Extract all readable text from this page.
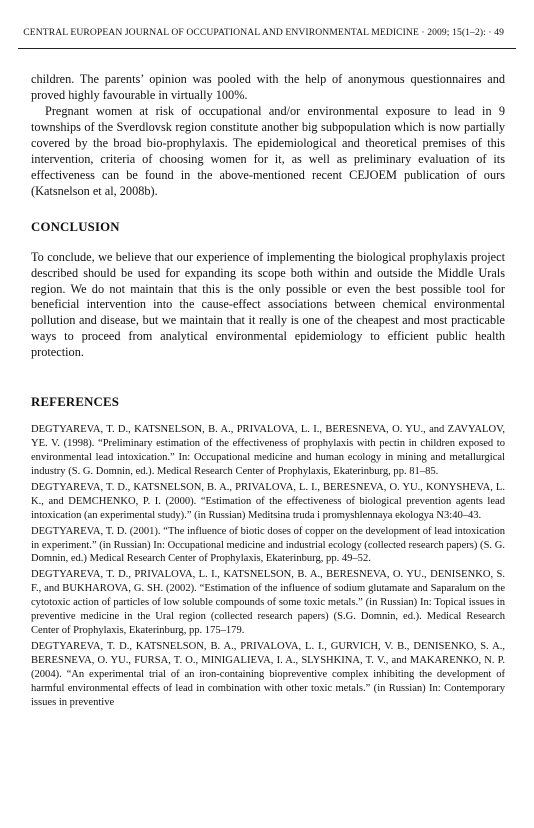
CENTRAL EUROPEAN JOURNAL OF OCCUPATIONAL AND ENVIRONMENTAL MEDICINE · 2009; 15(1–2): · 49

children. The parents’ opinion was pooled with the help of anonymous questionnaires and proved highly favourable in virtually 100%.

Pregnant women at risk of occupational and/or environmental exposure to lead in 9 townships of the Sverdlovsk region constitute another big subpopulation which is now partially covered by the broad bio-prophylaxis. The epidemiological and theoretical premises of this intervention, criteria of choosing women for it, as well as preliminary evaluation of its effectiveness can be found in the above-mentioned recent CEJOEM publication of ours (Katsnelson et al, 2008b).

CONCLUSION

To conclude, we believe that our experience of implementing the biological prophylaxis project described should be used for expanding its scope both within and outside the Middle Urals region. We do not maintain that this is the only possible or even the best possible tool for beneficial intervention into the cause-effect associations between chemical environmental pollution and disease, but we maintain that it really is one of the cheapest and most practicable ways to proceed from analytical environmental epidemiology to efficient public health protection.

REFERENCES
DEGTYAREVA, T. D., KATSNELSON, B. A., PRIVALOVA, L. I., BERESNEVA, O. YU., and ZAVYALOV, YE. V. (1998). “Preliminary estimation of the effectiveness of prophylaxis with pectin in children exposed to environmental lead intoxication.” In: Occupational medicine and human ecology in mining and metallurgical industry (S. G. Domnin, ed.). Medical Research Center of Prophylaxis, Ekaterinburg, pp. 81–85.
DEGTYAREVA, T. D., KATSNELSON, B. A., PRIVALOVA, L. I., BERESNEVA, O. YU., KONYSHEVA, L. K., and DEMCHENKO, P. I. (2000). “Estimation of the effectiveness of biological prevention agents lead intoxication (an experimental study).” (in Russian) Meditsina truda i promyshlennaya ekologya N3:40–43.
DEGTYAREVA, T. D. (2001). “The influence of biotic doses of copper on the development of lead intoxication in experiment.” (in Russian) In: Occupational medicine and industrial ecology (collected research papers) (S. G. Domnin, ed.) Medical Research Center of Prophylaxis, Ekaterinburg, pp. 49–52.
DEGTYAREVA, T. D., PRIVALOVA, L. I., KATSNELSON, B. A., BERESNEVA, O. YU., DENISENKO, S. F., and BUKHAROVA, G. SH. (2002). “Estimation of the influence of sodium glutamate and Saparalum on the cytotoxic action of particles of low soluble compounds of some toxic metals.” (in Russian) In: Topical issues in preventive medicine in the Ural region (collected research papers) (S.G. Domnin, ed.). Medical Research Center of Prophylaxis, Ekaterinburg, pp. 175–179.
DEGTYAREVA, T. D., KATSNELSON, B. A., PRIVALOVA, L. I., GURVICH, V. B., DENISENKO, S. A., BERESNEVA, O. YU., FURSA, T. O., MINIGALIEVA, I. A., SLYSHKINA, T. V., and MAKARENKO, N. P. (2004). “An experimental trial of an iron-containing biopreventive complex inhibiting the development of harmful environmental effects of lead in combination with other toxic metals.” (in Russian) In: Contemporary issues in preventive
